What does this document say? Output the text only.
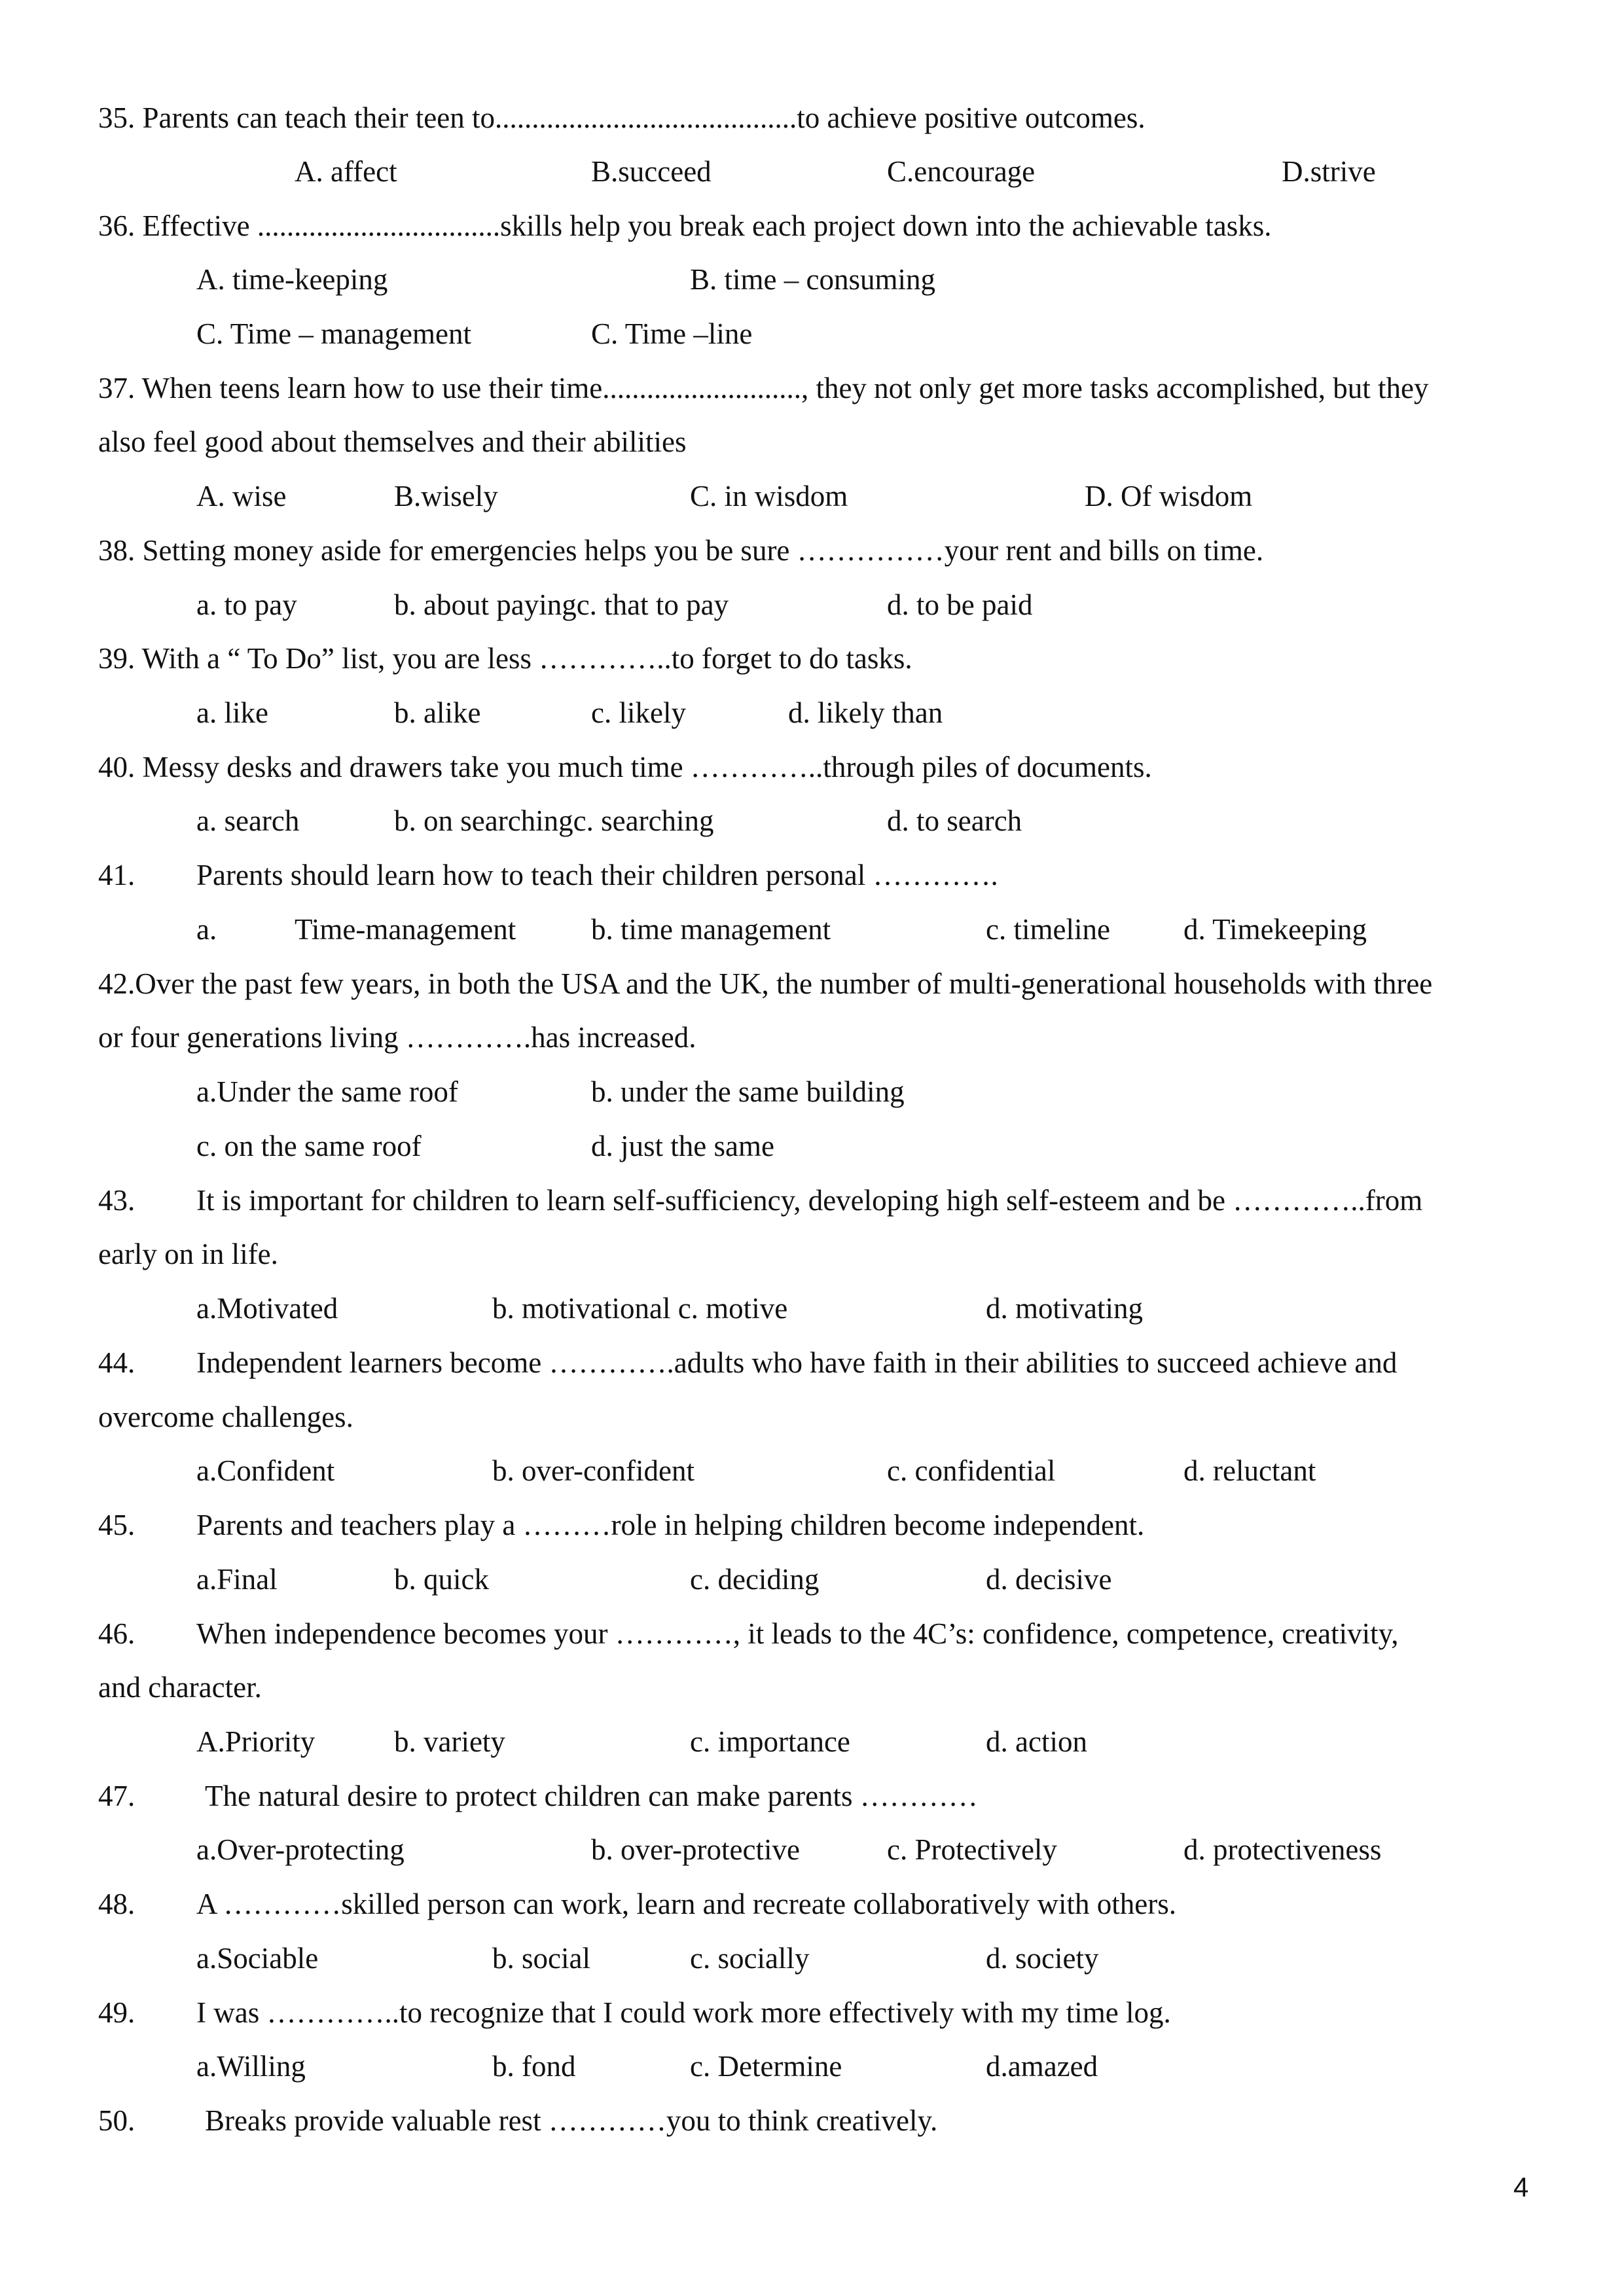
35. Parents can teach their teen to.........................................to achieve positive outcomes.
A. affect	B.succeed	C.encourage	D.strive
36. Effective .................................skills help you break each project down into the achievable tasks.
A. time-keeping	B. time – consuming
C. Time – management	C. Time –line
37. When teens learn how to use their time..........................., they not only get more tasks accomplished, but they
also feel good about themselves and their abilities
A. wise	B.wisely	C. in wisdom	D. Of wisdom
38. Setting money aside for emergencies helps you be sure ……………your rent and bills on time.
a. to pay	b. about payingc. that to pay	d. to be paid
39. With a “ To Do” list, you are less …………..to forget to do tasks.
a. like	b. alike	c. likely	d. likely than
40. Messy desks and drawers take you much time …………..through piles of documents.
a. search	b. on searchingc. searching	d. to search
41. Parents should learn how to teach their children personal ………….
a.	Time-management	b. time management	c. timeline d. Timekeeping
42.Over the past few years, in both the USA and the UK, the number of multi-generational households with three
or four generations living ………….has increased.
a.Under the same roof	b. under the same building
c. on the same roof	d. just the same
43. It is important for children to learn self-sufficiency, developing high self-esteem and be …………..from
early on in life.
a.Motivated	b. motivational c. motive	d. motivating
44. Independent learners become ………….adults who have faith in their abilities to succeed achieve and
overcome challenges.
a.Confident	b. over-confident	c. confidential	d. reluctant
45. Parents and teachers play a ………role in helping children become independent.
a.Final	b. quick	c. deciding	d. decisive
46. When independence becomes your …………, it leads to the 4C’s: confidence, competence, creativity,
and character.
A.Priority	b. variety	c. importance	d. action
47. The natural desire to protect children can make parents …………
a.Over-protecting	b. over-protective	c. Protectively	d. protectiveness
48. A …………skilled person can work, learn and recreate collaboratively with others.
a.Sociable	b. social	c. socially	d. society
49. I was …………..to recognize that I could work more effectively with my time log.
a.Willing	b. fond	c. Determine	d.amazed
50. Breaks provide valuable rest …………you to think creatively.
4
